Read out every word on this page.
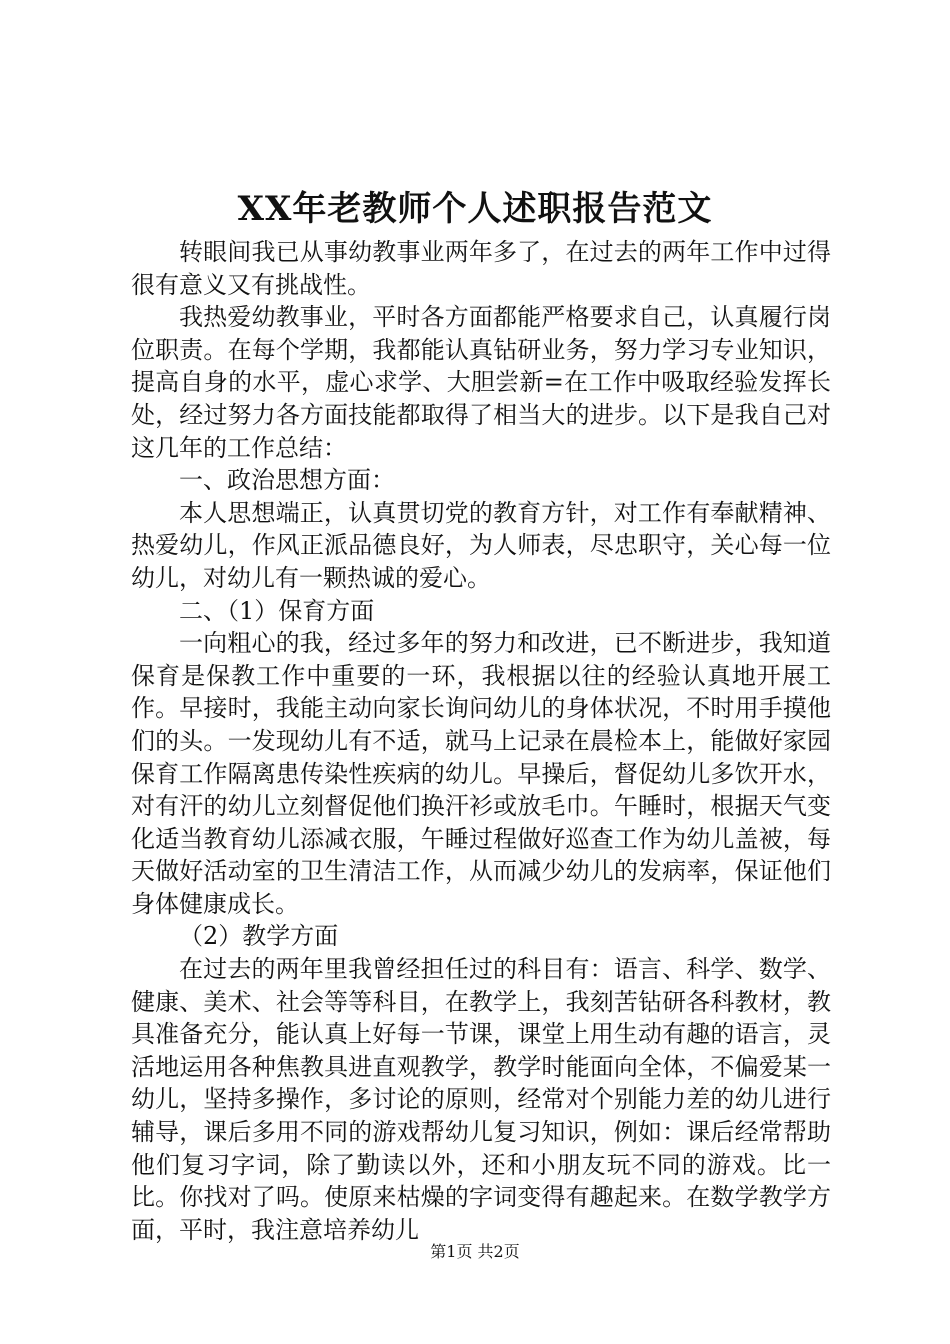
XX年老教师个人述职报告范文

转眼间我已从事幼教事业两年多了，在过去的两年工作中过得很有意义又有挑战性。

我热爱幼教事业，平时各方面都能严格要求自己，认真履行岗位职责。在每个学期，我都能认真钻研业务，努力学习专业知识，提高自身的水平，虚心求学、大胆尝新=在工作中吸取经验发挥长处，经过努力各方面技能都取得了相当大的进步。以下是我自己对这几年的工作总结：

一、政治思想方面：

本人思想端正，认真贯切党的教育方针，对工作有奉献精神、热爱幼儿，作风正派品德良好，为人师表，尽忠职守，关心每一位幼儿，对幼儿有一颗热诚的爱心。

二、（1）保育方面

一向粗心的我，经过多年的努力和改进，已不断进步，我知道保育是保教工作中重要的一环，我根据以往的经验认真地开展工作。早接时，我能主动向家长询问幼儿的身体状况，不时用手摸他们的头。一发现幼儿有不适，就马上记录在晨检本上，能做好家园保育工作隔离患传染性疾病的幼儿。早操后，督促幼儿多饮开水，对有汗的幼儿立刻督促他们换汗衫或放毛巾。午睡时，根据天气变化适当教育幼儿添减衣服，午睡过程做好巡查工作为幼儿盖被，每天做好活动室的卫生清洁工作，从而减少幼儿的发病率，保证他们身体健康成长。

（2）教学方面

在过去的两年里我曾经担任过的科目有：语言、科学、数学、健康、美术、社会等等科目，在教学上，我刻苦钻研各科教材，教具准备充分，能认真上好每一节课，课堂上用生动有趣的语言，灵活地运用各种焦教具进直观教学，教学时能面向全体，不偏爱某一幼儿，坚持多操作，多讨论的原则，经常对个别能力差的幼儿进行辅导，课后多用不同的游戏帮幼儿复习知识，例如：课后经常帮助他们复习字词，除了勤读以外，还和小朋友玩不同的游戏。比一比。你找对了吗。使原来枯燥的字词变得有趣起来。在数学教学方面，平时，我注意培养幼儿

第1页 共2页
